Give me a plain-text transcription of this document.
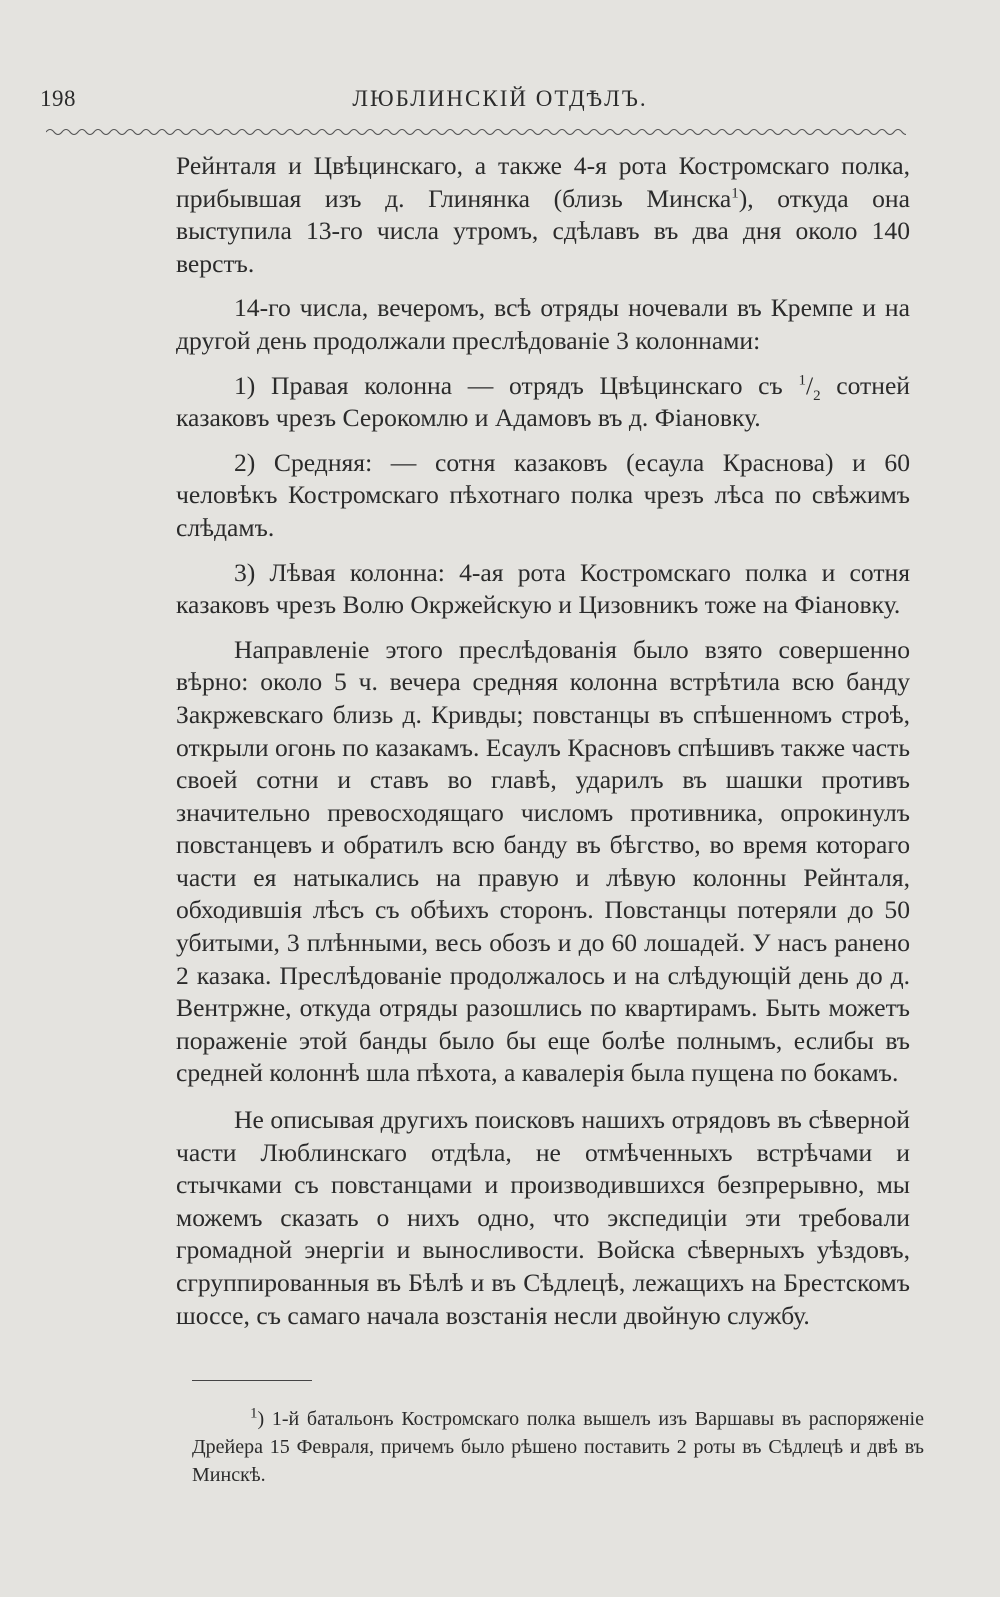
198	ЛЮБЛИНСКІЙ ОТДѢЛЪ.

Рейнталя и Цвѣцинскаго, а также 4-я рота Костромскаго полка, прибывшая изъ д. Глинянка (близь Минска$^1$), откуда она выступила 13-го числа утромъ, сдѣлавъ въ два дня около 140 верстъ.

14-го числа, вечеромъ, всѣ отряды ночевали въ Кремпе и на другой день продолжали преслѣдованіе 3 колоннами:

1) Правая колонна — отрядъ Цвѣцинскаго съ $^1/_2$ сотней казаковъ чрезъ Серокомлю и Адамовъ въ д. Фіановку.

2) Средняя: — сотня казаковъ (есаула Краснова) и 60 человѣкъ Костромскаго пѣхотнаго полка чрезъ лѣса по свѣжимъ слѣдамъ.

3) Лѣвая колонна: 4-ая рота Костромскаго полка и сотня казаковъ чрезъ Волю Окржейскую и Цизовникъ тоже на Фіановку.

Направленіе этого преслѣдованія было взято совершенно вѣрно: около 5 ч. вечера средняя колонна встрѣтила всю банду Закржевскаго близь д. Кривды; повстанцы въ спѣшенномъ строѣ, открыли огонь по казакамъ. Есаулъ Красновъ спѣшивъ также часть своей сотни и ставъ во главѣ, ударилъ въ шашки противъ значительно превосходящаго числомъ противника, опрокинулъ повстанцевъ и обратилъ всю банду въ бѣгство, во время котораго части ея натыкались на правую и лѣвую колонны Рейнталя, обходившія лѣсъ съ обѣихъ сторонъ. Повстанцы потеряли до 50 убитыми, 3 плѣнными, весь обозъ и до 60 лошадей. У насъ ранено 2 казака. Преслѣдованіе продолжалось и на слѣдующій день до д. Вентржне, откуда отряды разошлись по квартирамъ. Быть можетъ пораженіе этой банды было бы еще болѣе полнымъ, еслибы въ средней колоннѣ шла пѣхота, а кавалерія была пущена по бокамъ.

Не описывая другихъ поисковъ нашихъ отрядовъ въ сѣверной части Люблинскаго отдѣла, не отмѣченныхъ встрѣчами и стычками съ повстанцами и производившихся безпрерывно, мы можемъ сказать о нихъ одно, что экспедиціи эти требовали громадной энергіи и выносливости. Войска сѣверныхъ уѣздовъ, сгруппированныя въ Бѣлѣ и въ Сѣдлецѣ, лежащихъ на Брестскомъ шоссе, съ самаго начала возстанія несли двойную службу.

$^1$) 1-й батальонъ Костромскаго полка вышелъ изъ Варшавы въ распоряженіе Дрейера 15 Февраля, причемъ было рѣшено поставить 2 роты въ Сѣдлецѣ и двѣ въ Минскѣ.
